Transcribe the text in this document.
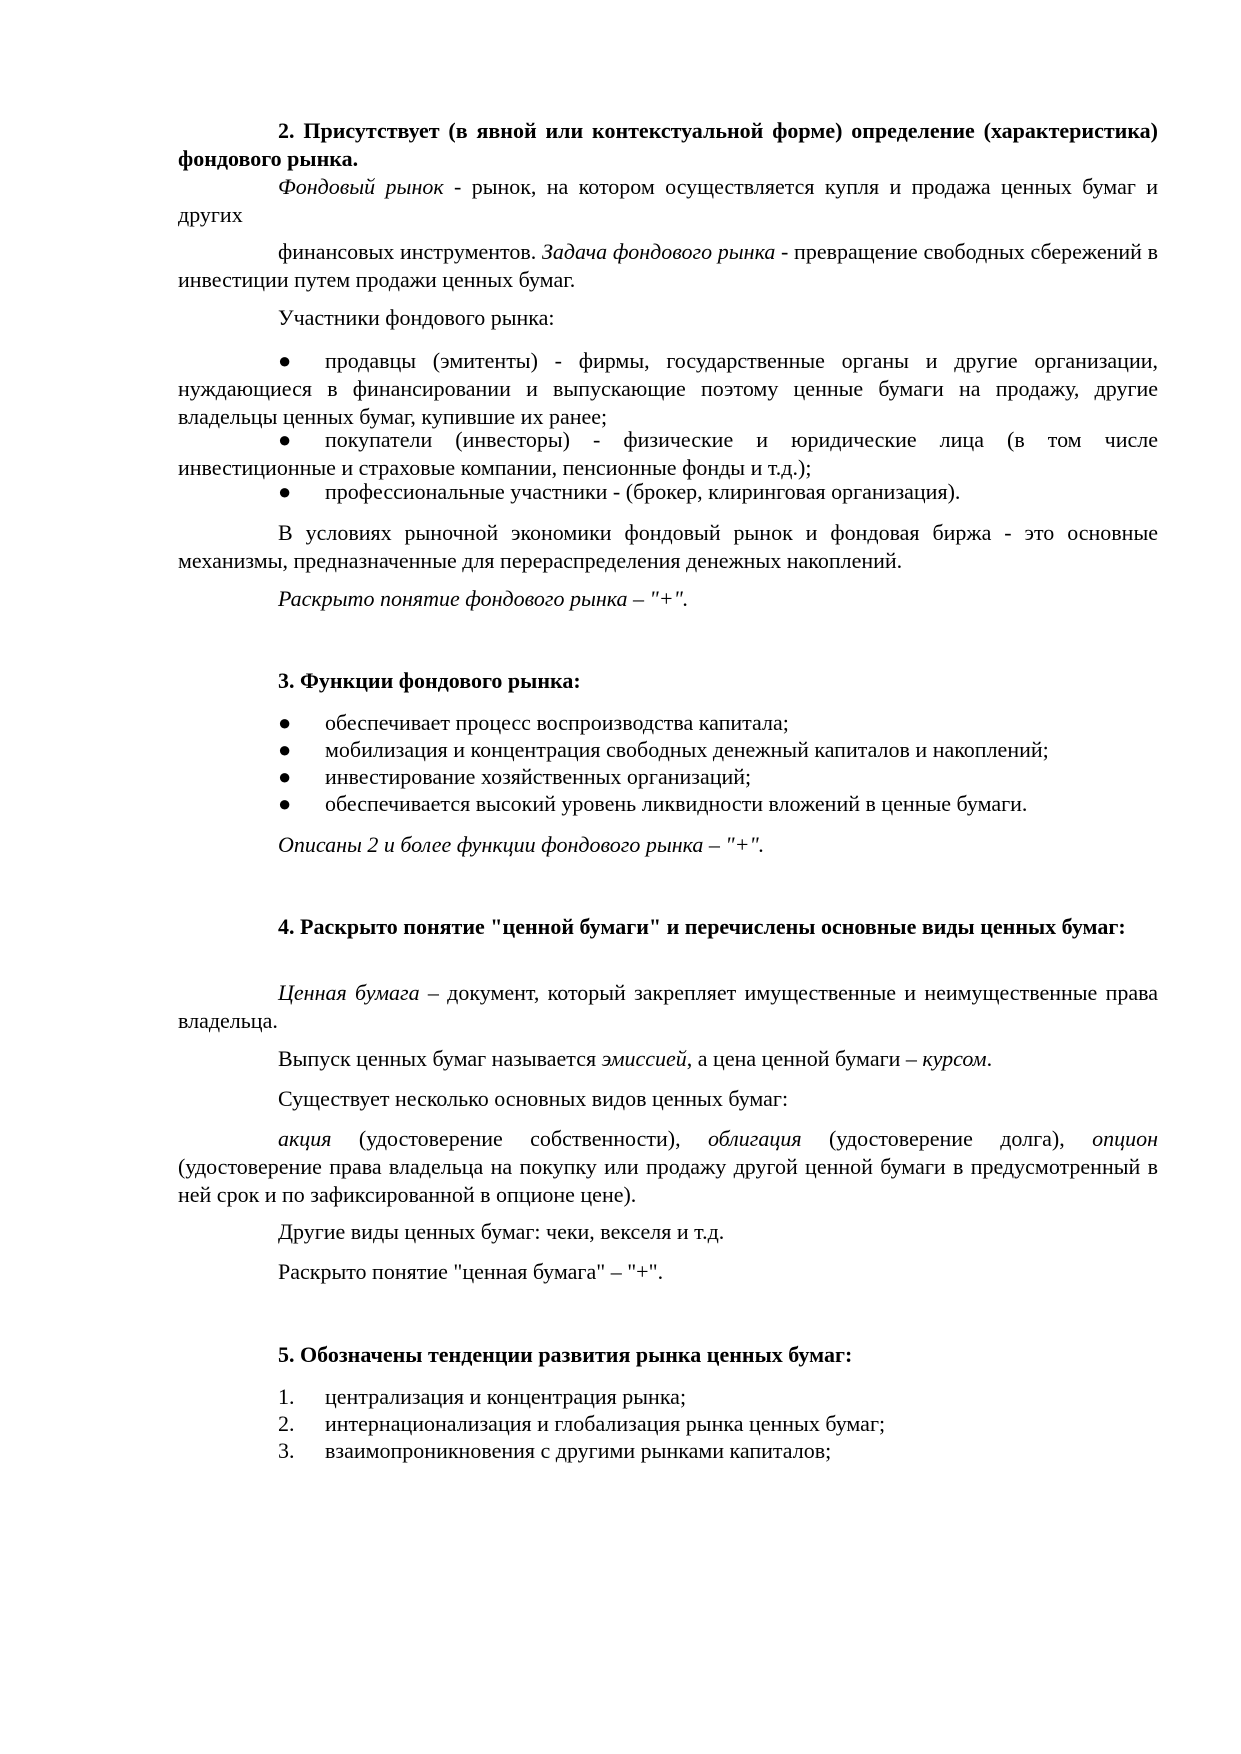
2. Присутствует (в явной или контекстуальной форме) определение (характеристика) фондового рынка.

Фондовый рынок - рынок, на котором осуществляется купля и продажа ценных бумаг и других

финансовых инструментов. Задача фондового рынка - превращение свободных сбережений в инвестиции путем продажи ценных бумаг.

Участники фондового рынка:

●	продавцы (эмитенты) - фирмы, государственные органы и другие организации, нуждающиеся в финансировании и выпускающие поэтому ценные бумаги на продажу, другие владельцы ценных бумаг, купившие их ранее;
●	покупатели (инвесторы) - физические и юридические лица (в том числе инвестиционные и страховые компании, пенсионные фонды и т.д.);
●	профессиональные участники - (брокер, клиринговая организация).

В условиях рыночной экономики фондовый рынок и фондовая биржа - это основные механизмы, предназначенные для перераспределения денежных накоплений.

Раскрыто понятие фондового рынка – "+".

3. Функции фондового рынка:

●	обеспечивает процесс воспроизводства капитала;
●	мобилизация и концентрация свободных денежный капиталов и накоплений;
●	инвестирование хозяйственных организаций;
●	обеспечивается высокий уровень ликвидности вложений в ценные бумаги.

Описаны 2 и более функции фондового рынка – "+".

4. Раскрыто понятие "ценной бумаги" и перечислены основные виды ценных бумаг:

Ценная бумага – документ, который закрепляет имущественные и неимущественные права владельца.

Выпуск ценных бумаг называется эмиссией, а цена ценной бумаги – курсом.

Существует несколько основных видов ценных бумаг:

акция (удостоверение собственности), облигация (удостоверение долга), опцион (удостоверение права владельца на покупку или продажу другой ценной бумаги в предусмотренный в ней срок и по зафиксированной в опционе цене).

Другие виды ценных бумаг: чеки, векселя и т.д.

Раскрыто понятие "ценная бумага" – "+".

5. Обозначены тенденции развития рынка ценных бумаг:

1.	централизация и концентрация рынка;
2.	интернационализация и глобализация рынка ценных бумаг;
3.	взаимопроникновения с другими рынками капиталов;
